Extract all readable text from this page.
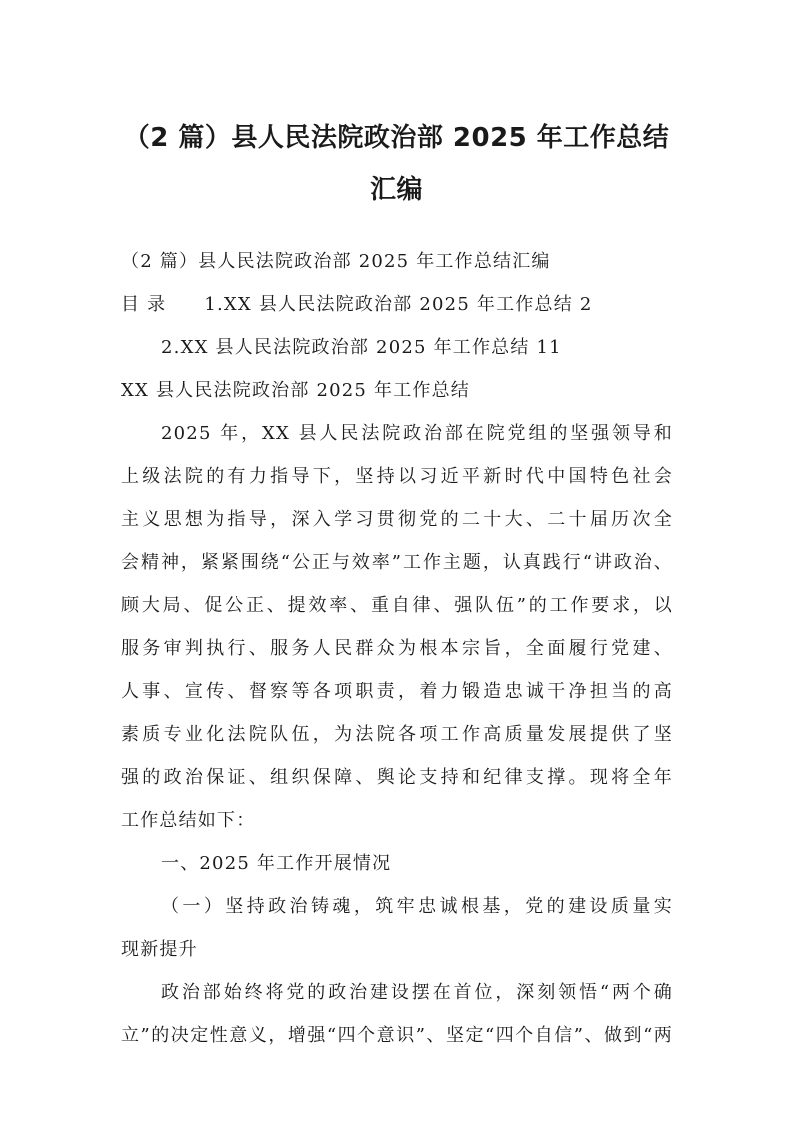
（2 篇）县人民法院政治部 2025 年工作总结
汇编
（2 篇）县人民法院政治部 2025 年工作总结汇编
目 录 1.XX 县人民法院政治部 2025 年工作总结 2
2.XX 县人民法院政治部 2025 年工作总结 11
XX 县人民法院政治部 2025 年工作总结
2025 年，XX 县人民法院政治部在院党组的坚强领导和
上级法院的有力指导下，坚持以习近平新时代中国特色社会
主义思想为指导，深入学习贯彻党的二十大、二十届历次全
会精神，紧紧围绕“公正与效率”工作主题，认真践行“讲政治、
顾大局、促公正、提效率、重自律、强队伍”的工作要求，以
服务审判执行、服务人民群众为根本宗旨，全面履行党建、
人事、宣传、督察等各项职责，着力锻造忠诚干净担当的高
素质专业化法院队伍，为法院各项工作高质量发展提供了坚
强的政治保证、组织保障、舆论支持和纪律支撑。现将全年
工作总结如下：
一、2025 年工作开展情况
（一）坚持政治铸魂，筑牢忠诚根基，党的建设质量实
现新提升
政治部始终将党的政治建设摆在首位，深刻领悟“两个确
立”的决定性意义，增强“四个意识”、坚定“四个自信”、做到“两
